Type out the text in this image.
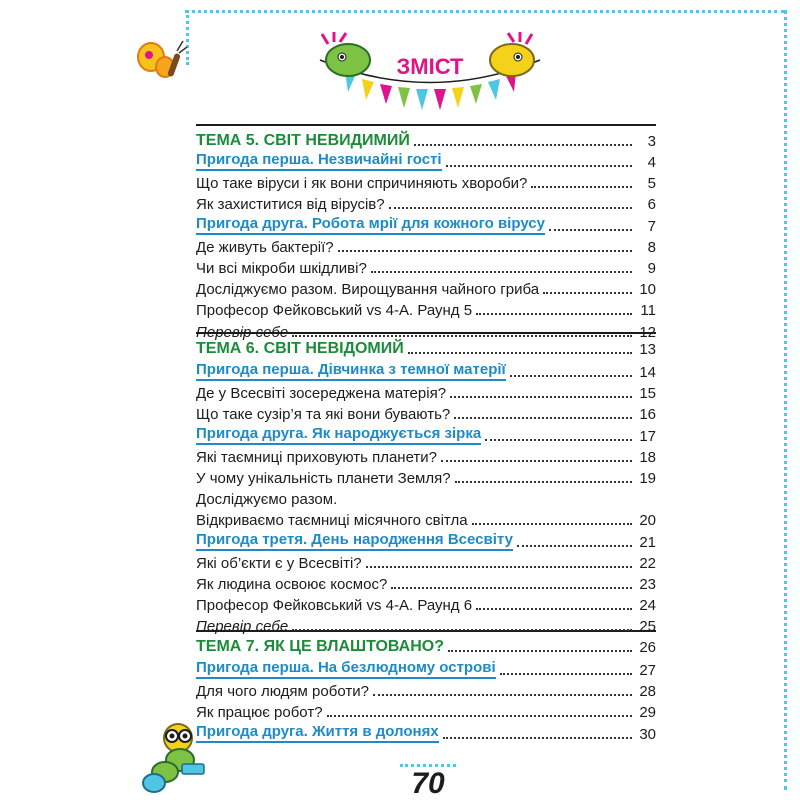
ЗМІСТ
ТЕМА 5. СВІТ НЕВИДИМИЙ	3
Пригода перша. Незвичайні гості	4
Що таке віруси і як вони спричиняють хвороби?	5
Як захиститися від вірусів?	6
Пригода друга. Робота мрії для кожного вірусу	7
Де живуть бактерії?	8
Чи всі мікроби шкідливі?	9
Досліджуємо разом. Вирощування чайного гриба	10
Професор Фейковський vs 4-А. Раунд 5	11
Перевір себе	12
ТЕМА 6. СВІТ НЕВІДОМИЙ	13
Пригода перша. Дівчинка з темної матерії	14
Де у Всесвіті зосереджена матерія?	15
Що таке сузір’я та які вони бувають?	16
Пригода друга. Як народжується зірка	17
Які таємниці приховують планети?	18
У чому унікальність планети Земля?	19
Досліджуємо разом.
Відкриваємо таємниці місячного світла	20
Пригода третя. День народження Всесвіту	21
Які об’єкти є у Всесвіті?	22
Як людина освоює космос?	23
Професор Фейковський vs 4-А. Раунд 6	24
Перевір себе	25
ТЕМА 7. ЯК ЦЕ ВЛАШТОВАНО?	26
Пригода перша. На безлюдному острові	27
Для чого людям роботи?	28
Як працює робот?	29
Пригода друга. Життя в долонях	30
70
